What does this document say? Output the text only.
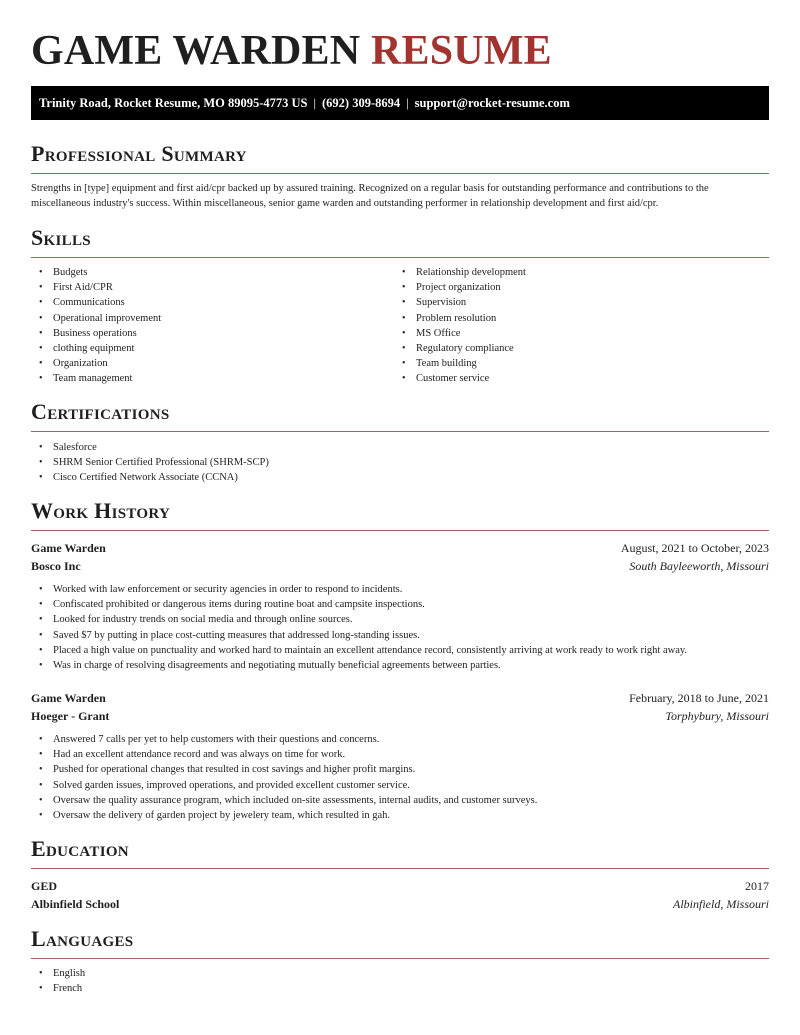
GAME WARDEN RESUME
Trinity Road, Rocket Resume, MO 89095-4773 US | (692) 309-8694 | support@rocket-resume.com
Professional Summary

Strengths in [type] equipment and first aid/cpr backed up by assured training. Recognized on a regular basis for outstanding performance and contributions to the miscellaneous industry's success. Within miscellaneous, senior game warden and outstanding performer in relationship development and first aid/cpr.

Skills
• Budgets
• First Aid/CPR
• Communications
• Operational improvement
• Business operations
• clothing equipment
• Organization
• Team management
• Relationship development
• Project organization
• Supervision
• Problem resolution
• MS Office
• Regulatory compliance
• Team building
• Customer service
Certifications
• Salesforce
• SHRM Senior Certified Professional (SHRM-SCP)
• Cisco Certified Network Associate (CCNA)
Work History
Game Warden	August, 2021 to October, 2023
Bosco Inc	South Bayleeworth, Missouri
• Worked with law enforcement or security agencies in order to respond to incidents.
• Confiscated prohibited or dangerous items during routine boat and campsite inspections.
• Looked for industry trends on social media and through online sources.
• Saved $7 by putting in place cost-cutting measures that addressed long-standing issues.
• Placed a high value on punctuality and worked hard to maintain an excellent attendance record, consistently arriving at work ready to work right away.
• Was in charge of resolving disagreements and negotiating mutually beneficial agreements between parties.
Game Warden	February, 2018 to June, 2021
Hoeger - Grant	Torphybury, Missouri
• Answered 7 calls per yet to help customers with their questions and concerns.
• Had an excellent attendance record and was always on time for work.
• Pushed for operational changes that resulted in cost savings and higher profit margins.
• Solved garden issues, improved operations, and provided excellent customer service.
• Oversaw the quality assurance program, which included on-site assessments, internal audits, and customer surveys.
• Oversaw the delivery of garden project by jewelery team, which resulted in gah.
Education
GED	2017
Albinfield School	Albinfield, Missouri
Languages
• English
• French
